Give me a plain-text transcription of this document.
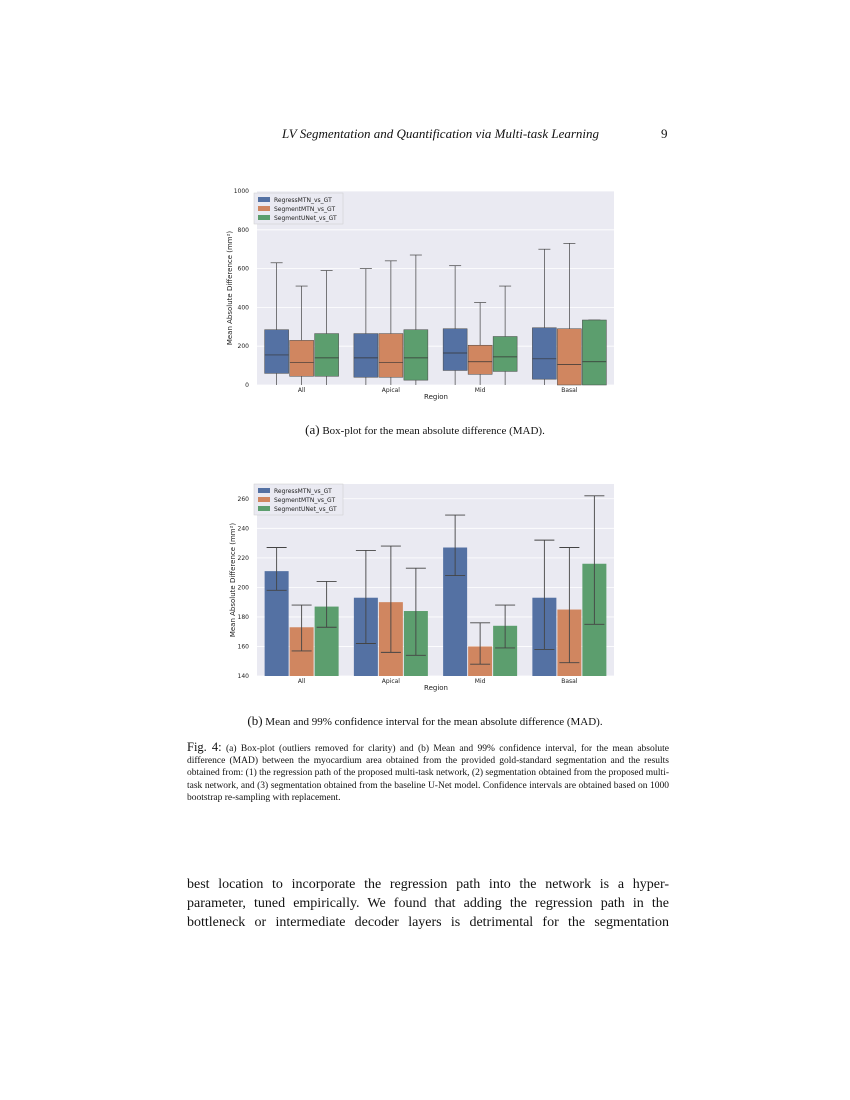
LV Segmentation and Quantification via Multi-task Learning	9
0
200
400
600
800
1000
All	Apical	Mid	Basal
Mean Absolute Difference (mm²)
Region
RegressMTN_vs_GT
SegmentMTN_vs_GT
SegmentUNet_vs_GT
(a) Box-plot for the mean absolute difference (MAD).
140
160
180
200
220
240
260
All	Apical	Mid	Basal
Mean Absolute Difference (mm²)
Region
RegressMTN_vs_GT
SegmentMTN_vs_GT
SegmentUNet_vs_GT
(b) Mean and 99% confidence interval for the mean absolute difference (MAD).
Fig. 4: (a) Box-plot (outliers removed for clarity) and (b) Mean and 99% confidence interval, for the mean absolute difference (MAD) between the myocardium area obtained from the provided gold-standard segmentation and the results obtained from: (1) the regression path of the proposed multi-task network, (2) segmentation obtained from the proposed multi-task network, and (3) segmentation obtained from the baseline U-Net model. Confidence intervals are obtained based on 1000 bootstrap re-sampling with replacement.
best location to incorporate the regression path into the network is a hyper-
parameter, tuned empirically. We found that adding the regression path in the
bottleneck or intermediate decoder layers is detrimental for the segmentation
